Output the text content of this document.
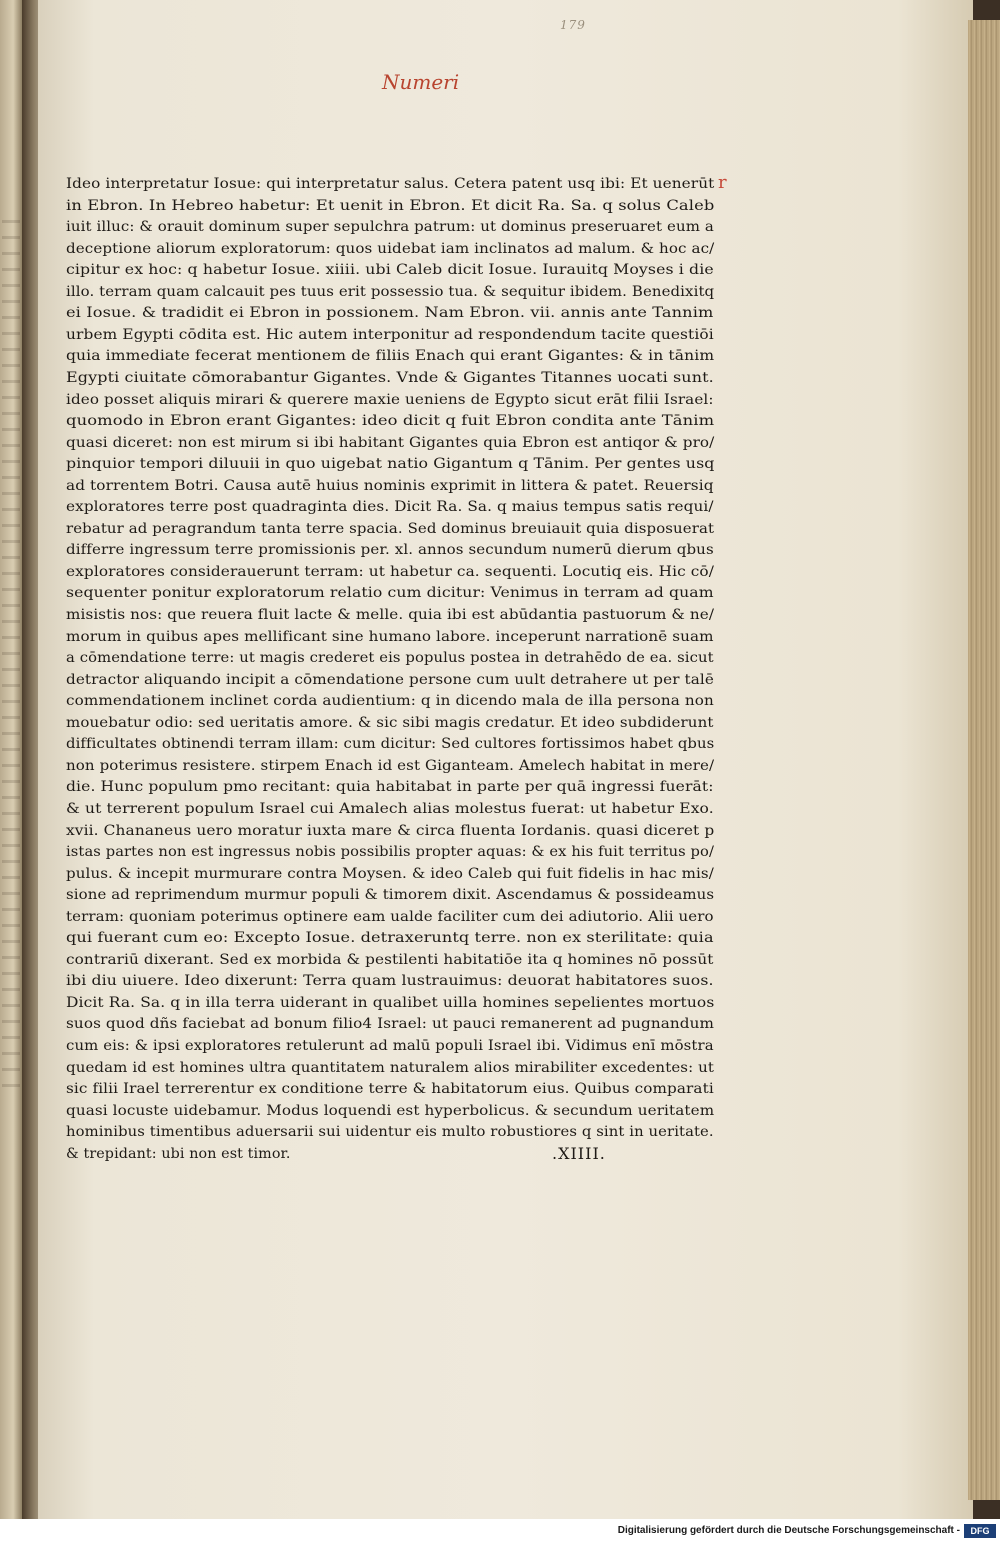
179
Numeri
r
Ideo interpretatur Iosue: qui interpretatur salus. Cetera patent usq ibi: Et uenerūt
in Ebron. In Hebreo habetur: Et uenit in Ebron. Et dicit Ra. Sa. q solus Caleb
iuit illuc: & orauit dominum super sepulchra patrum: ut dominus preseruaret eum a
deceptione aliorum exploratorum: quos uidebat iam inclinatos ad malum. & hoc ac/
cipitur ex hoc: q habetur Iosue. xiiii. ubi Caleb dicit Iosue. Iurauitq Moyses i die
illo. terram quam calcauit pes tuus erit possessio tua. & sequitur ibidem. Benedixitq
ei Iosue. & tradidit ei Ebron in possionem. Nam Ebron. vii. annis ante Tannim
urbem Egypti cōdita est. Hic autem interponitur ad respondendum tacite questiōi
quia immediate fecerat mentionem de filiis Enach qui erant Gigantes: & in tānim
Egypti ciuitate cōmorabantur Gigantes. Vnde & Gigantes Titannes uocati sunt.
ideo posset aliquis mirari & querere maxie ueniens de Egypto sicut erāt filii Israel:
quomodo in Ebron erant Gigantes: ideo dicit q fuit Ebron condita ante Tānim
quasi diceret: non est mirum si ibi habitant Gigantes quia Ebron est antiqor & pro/
pinquior tempori diluuii in quo uigebat natio Gigantum q Tānim. Per gentes usq
ad torrentem Botri. Causa autē huius nominis exprimit in littera & patet. Reuersiq
exploratores terre post quadraginta dies. Dicit Ra. Sa. q maius tempus satis requi/
rebatur ad peragrandum tanta terre spacia. Sed dominus breuiauit quia disposuerat
differre ingressum terre promissionis per. xl. annos secundum numerū dierum qbus
exploratores considerauerunt terram: ut habetur ca. sequenti. Locutiq eis. Hic cō/
sequenter ponitur exploratorum relatio cum dicitur: Venimus in terram ad quam
misistis nos: que reuera fluit lacte & melle. quia ibi est abūdantia pastuorum & ne/
morum in quibus apes mellificant sine humano labore. inceperunt narrationē suam
a cōmendatione terre: ut magis crederet eis populus postea in detrahēdo de ea. sicut
detractor aliquando incipit a cōmendatione persone cum uult detrahere ut per talē
commendationem inclinet corda audientium: q in dicendo mala de illa persona non
mouebatur odio: sed ueritatis amore. & sic sibi magis credatur. Et ideo subdiderunt
difficultates obtinendi terram illam: cum dicitur: Sed cultores fortissimos habet qbus
non poterimus resistere. stirpem Enach id est Giganteam. Amelech habitat in mere/
die. Hunc populum pmo recitant: quia habitabat in parte per quā ingressi fuerāt:
& ut terrerent populum Israel cui Amalech alias molestus fuerat: ut habetur Exo.
xvii. Chananeus uero moratur iuxta mare & circa fluenta Iordanis. quasi diceret p
istas partes non est ingressus nobis possibilis propter aquas: & ex his fuit territus po/
pulus. & incepit murmurare contra Moysen. & ideo Caleb qui fuit fidelis in hac mis/
sione ad reprimendum murmur populi & timorem dixit. Ascendamus & possideamus
terram: quoniam poterimus optinere eam ualde faciliter cum dei adiutorio. Alii uero
qui fuerant cum eo: Excepto Iosue. detraxeruntq terre. non ex sterilitate: quia
contrariū dixerant. Sed ex morbida & pestilenti habitatiōe ita q homines nō possūt
ibi diu uiuere. Ideo dixerunt: Terra quam lustrauimus: deuorat habitatores suos.
Dicit Ra. Sa. q in illa terra uiderant in qualibet uilla homines sepelientes mortuos
suos quod dñs faciebat ad bonum filio4 Israel: ut pauci remanerent ad pugnandum
cum eis: & ipsi exploratores retulerunt ad malū populi Israel ibi. Vidimus enī mōstra
quedam id est homines ultra quantitatem naturalem alios mirabiliter excedentes: ut
sic filii Irael terrerentur ex conditione terre & habitatorum eius. Quibus comparati
quasi locuste uidebamur. Modus loquendi est hyperbolicus. & secundum ueritatem
hominibus timentibus aduersarii sui uidentur eis multo robustiores q sint in ueritate.
& trepidant: ubi non est timor.	.XIIII.
Digitalisierung gefördert durch die Deutsche Forschungsgemeinschaft -	DFG
